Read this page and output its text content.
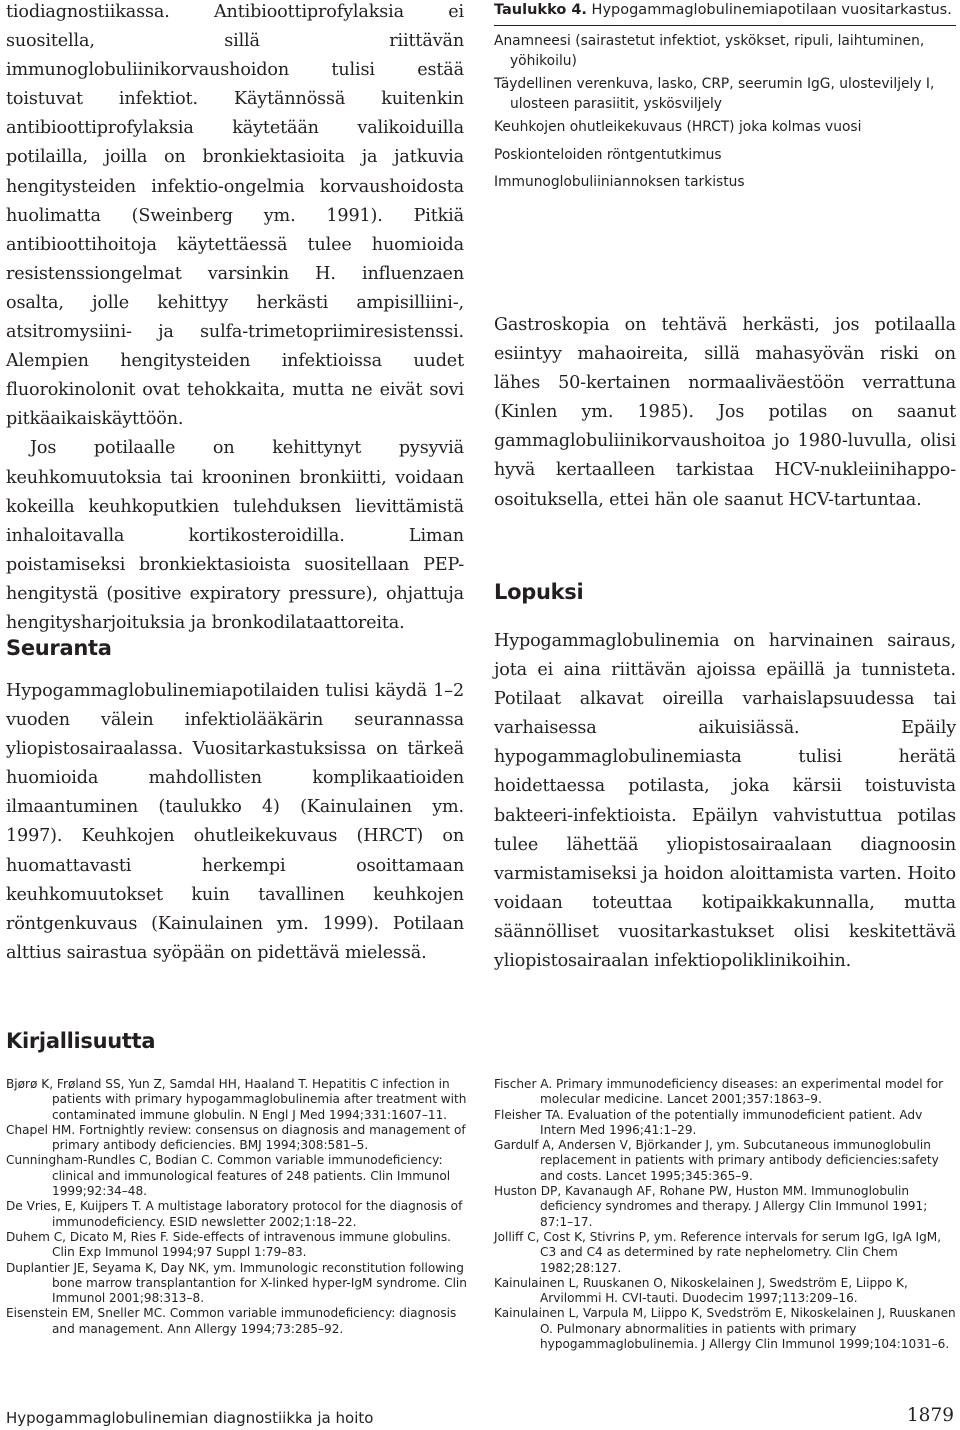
tiodiagnostiikassa. Antibioottiprofylaksia ei suositella, sillä riittävän immunoglobuliinikorvaushoidon tulisi estää toistuvat infektiot. Käytännössä kuitenkin antibioottiprofylaksia käytetään valikoiduilla potilailla, joilla on bronkiektasioita ja jatkuvia hengitysteiden infektio-ongelmia korvaushoidosta huolimatta (Sweinberg ym. 1991). Pitkiä antibioottihoitoja käytettäessä tulee huomioida resistenssiongelmat varsinkin H. influenzaen osalta, jolle kehittyy herkästi ampisilliini-, atsitromysiini- ja sulfa-trimetopriimiresistenssi. Alempien hengitysteiden infektioissa uudet fluorokinolonit ovat tehokkaita, mutta ne eivät sovi pitkäaikaiskäyttöön.

Jos potilaalle on kehittynyt pysyviä keuhkomuutoksia tai krooninen bronkiitti, voidaan kokeilla keuhkoputkien tulehduksen lievittämistä inhaloitavalla kortikosteroidilla. Liman poistamiseksi bronkiektasioista suositellaan PEP-hengitystä (positive expiratory pressure), ohjattuja hengitysharjoituksia ja bronkodilataattoreita.

Seuranta

Hypogammaglobulinemiapotilaiden tulisi käydä 1–2 vuoden välein infektiolääkärin seurannassa yliopistosairaalassa. Vuositarkastuksissa on tärkeä huomioida mahdollisten komplikaatioiden ilmaantuminen (taulukko 4) (Kainulainen ym. 1997). Keuhkojen ohutleikekuvaus (HRCT) on huomattavasti herkempi osoittamaan keuhkomuutokset kuin tavallinen keuhkojen röntgenkuvaus (Kainulainen ym. 1999). Potilaan alttius sairastua syöpään on pidettävä mielessä.

Taulukko 4. Hypogammaglobulinemiapotilaan vuositarkastus.

Anamneesi (sairastetut infektiot, yskökset, ripuli, laihtuminen, yöhikoilu)

Täydellinen verenkuva, lasko, CRP, seerumin IgG, ulosteviljely I, ulosteen parasiitit, yskösviljely

Keuhkojen ohutleikekuvaus (HRCT) joka kolmas vuosi

Poskionteloiden röntgentutkimus

Immunoglobuliiniannoksen tarkistus

Gastroskopia on tehtävä herkästi, jos potilaalla esiintyy mahaoireita, sillä mahasyövän riski on lähes 50-kertainen normaaliväestöön verrattuna (Kinlen ym. 1985). Jos potilas on saanut gammaglobuliinikorvaushoitoa jo 1980-luvulla, olisi hyvä kertaalleen tarkistaa HCV-nukleiinihappo-osoituksella, ettei hän ole saanut HCV-tartuntaa.

Lopuksi

Hypogammaglobulinemia on harvinainen sairaus, jota ei aina riittävän ajoissa epäillä ja tunnisteta. Potilaat alkavat oireilla varhaislapsuudessa tai varhaisessa aikuisiässä. Epäily hypogammaglobulinemiasta tulisi herätä hoidettaessa potilasta, joka kärsii toistuvista bakteeri-infektioista. Epäilyn vahvistuttua potilas tulee lähettää yliopistosairaalaan diagnoosin varmistamiseksi ja hoidon aloittamista varten. Hoito voidaan toteuttaa kotipaikkakunnalla, mutta säännölliset vuositarkastukset olisi keskitettävä yliopistosairaalan infektiopoliklinikoihin.

Kirjallisuutta

Bjørø K, Frøland SS, Yun Z, Samdal HH, Haaland T. Hepatitis C infection in patients with primary hypogammaglobulinemia after treatment with contaminated immune globulin. N Engl J Med 1994;331:1607–11.

Chapel HM. Fortnightly review: consensus on diagnosis and management of primary antibody deficiencies. BMJ 1994;308:581–5.

Cunningham-Rundles C, Bodian C. Common variable immunodeficiency: clinical and immunological features of 248 patients. Clin Immunol 1999;92:34–48.

De Vries, E, Kuijpers T. A multistage laboratory protocol for the diagnosis of immunodeficiency. ESID newsletter 2002;1:18–22.

Duhem C, Dicato M, Ries F. Side-effects of intravenous immune globulins. Clin Exp Immunol 1994;97 Suppl 1:79–83.

Duplantier JE, Seyama K, Day NK, ym. Immunologic reconstitution following bone marrow transplantantion for X-linked hyper-IgM syndrome. Clin Immunol 2001;98:313–8.

Eisenstein EM, Sneller MC. Common variable immunodeficiency: diagnosis and management. Ann Allergy 1994;73:285–92.

Fischer A. Primary immunodeficiency diseases: an experimental model for molecular medicine. Lancet 2001;357:1863–9.

Fleisher TA. Evaluation of the potentially immunodeficient patient. Adv Intern Med 1996;41:1–29.

Gardulf A, Andersen V, Björkander J, ym. Subcutaneous immunoglobulin replacement in patients with primary antibody deficiencies:safety and costs. Lancet 1995;345:365–9.

Huston DP, Kavanaugh AF, Rohane PW, Huston MM. Immunoglobulin deficiency syndromes and therapy. J Allergy Clin Immunol 1991; 87:1–17.

Jolliff C, Cost K, Stivrins P, ym. Reference intervals for serum IgG, IgA IgM, C3 and C4 as determined by rate nephelometry. Clin Chem 1982;28:127.

Kainulainen L, Ruuskanen O, Nikoskelainen J, Swedström E, Liippo K, Arvilommi H. CVI-tauti. Duodecim 1997;113:209–16.

Kainulainen L, Varpula M, Liippo K, Svedström E, Nikoskelainen J, Ruuskanen O. Pulmonary abnormalities in patients with primary hypogammaglobulinemia. J Allergy Clin Immunol 1999;104:1031–6.

Hypogammaglobulinemian diagnostiikka ja hoito	1879
